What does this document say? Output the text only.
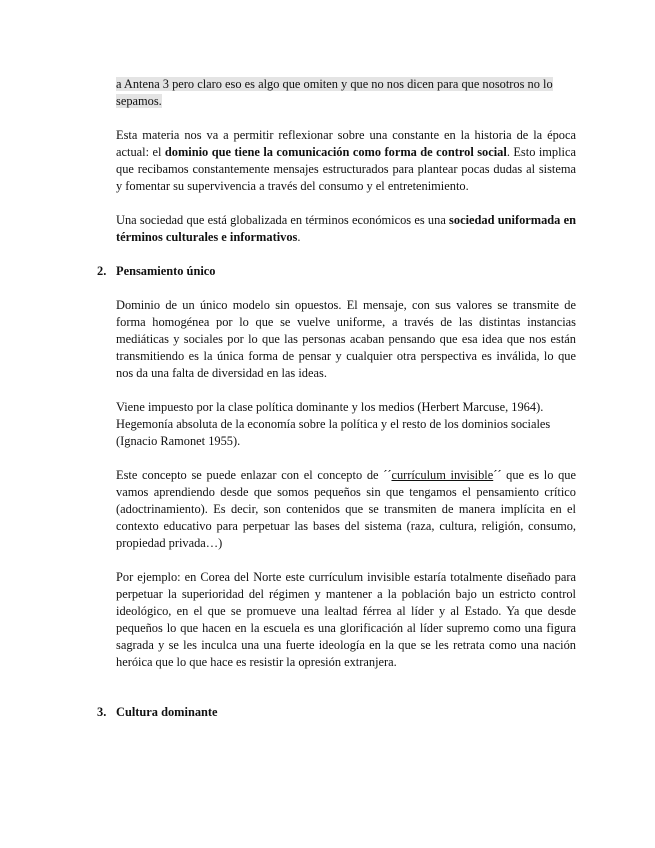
a Antena 3 pero claro eso es algo que omiten y que no nos dicen para que nosotros no lo
sepamos.

Esta materia nos va a permitir reflexionar sobre una constante en la historia de la época actual: el dominio que tiene la comunicación como forma de control social. Esto implica que recibamos constantemente mensajes estructurados para plantear pocas dudas al sistema y fomentar su supervivencia a través del consumo y el entretenimiento.

Una sociedad que está globalizada en términos económicos es una sociedad uniformada en términos culturales e informativos.

2. Pensamiento único

Dominio de un único modelo sin opuestos. El mensaje, con sus valores se transmite de forma homogénea por lo que se vuelve uniforme, a través de las distintas instancias mediáticas y sociales por lo que las personas acaban pensando que esa idea que nos están transmitiendo es la única forma de pensar y cualquier otra perspectiva es inválida, lo que nos da una falta de diversidad en las ideas.

Viene impuesto por la clase política dominante y los medios (Herbert Marcuse, 1964).
Hegemonía absoluta de la economía sobre la política y el resto de los dominios sociales (Ignacio Ramonet 1955).

Este concepto se puede enlazar con el concepto de ´´currículum invisible´´ que es lo que vamos aprendiendo desde que somos pequeños sin que tengamos el pensamiento crítico (adoctrinamiento). Es decir, son contenidos que se transmiten de manera implícita en el contexto educativo para perpetuar las bases del sistema (raza, cultura, religión, consumo, propiedad privada…)

Por ejemplo: en Corea del Norte este currículum invisible estaría totalmente diseñado para perpetuar la superioridad del régimen y mantener a la población bajo un estricto control ideológico, en el que se promueve una lealtad férrea al líder y al Estado. Ya que desde pequeños lo que hacen en la escuela es una glorificación al líder supremo como una figura sagrada y se les inculca una una fuerte ideología en la que se les retrata como una nación heróica que lo que hace es resistir la opresión extranjera.

3. Cultura dominante
